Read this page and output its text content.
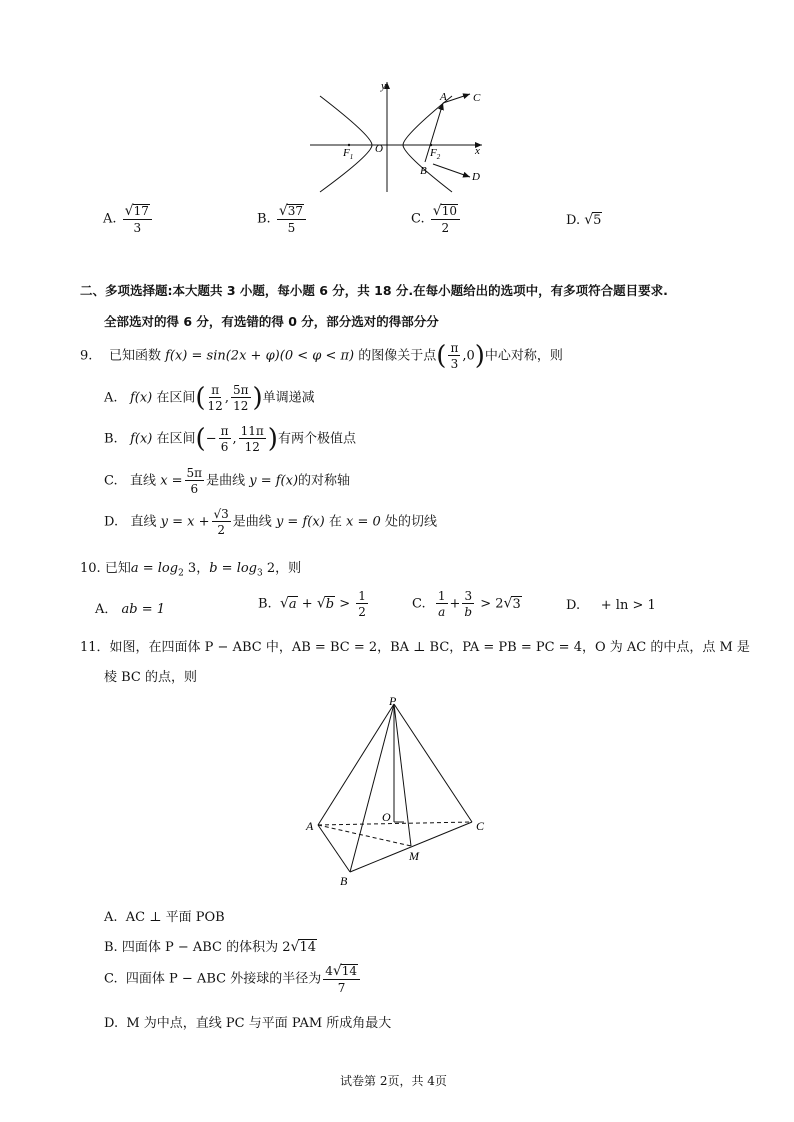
y
x
O
$F_1$	$F_2$
A C
B	D
A. $\frac{√17}{3}$	B. $\frac{√37}{5}$	C. $\frac{√10}{2}$	D. √5
二、多项选择题:本大题共 3 小题，每小题 6 分，共 18 分.在每小题给出的选项中，有多项符合题目要求.
全部选对的得 6 分，有选错的得 0 分，部分选对的得部分分
9. 已知函数 f(x) = sin(2x + φ)(0 < φ < π) 的图像关于点( $\frac{\pi}{3} ,0$)中心对称，则
A. f(x) 在区间( $\frac{\pi}{12}$ , $\frac{5\pi}{12}$ )单调递减
B. f(x) 在区间(− $\frac{\pi}{6}$ , $\frac{11\pi}{12}$ )有两个极值点
C. 直线 $x = \frac{5\pi}{6}$ 是曲线 y = f(x)的对称轴
D. 直线 $y = x + \frac{√3}{2}$ 是曲线 y = f(x) 在 x = 0 处的切线
10. 已知$a = \log_2 3$，$b = \log_3 2$，则
A． ab = 1	B. $√a + √b > \frac{1}{2}$	C. $\frac{1}{a} + \frac{3}{b} > 2√3$	D. + ln > 1
11．如图，在四面体 P − ABC 中，AB = BC = 2，BA ⊥ BC，PA = PB = PC = 4，O 为 AC 的中点，点 M 是
棱 BC 的点，则
P
A	C
O
M
B
A. AC ⊥ 平面 POB
B. 四面体 P − ABC 的体积为 2√14
C. 四面体 P − ABC 外接球的半径为 $\frac{4√14}{7}$
D. M 为中点，直线 PC 与平面 PAM 所成角最大
试卷第 2页，共 4页
